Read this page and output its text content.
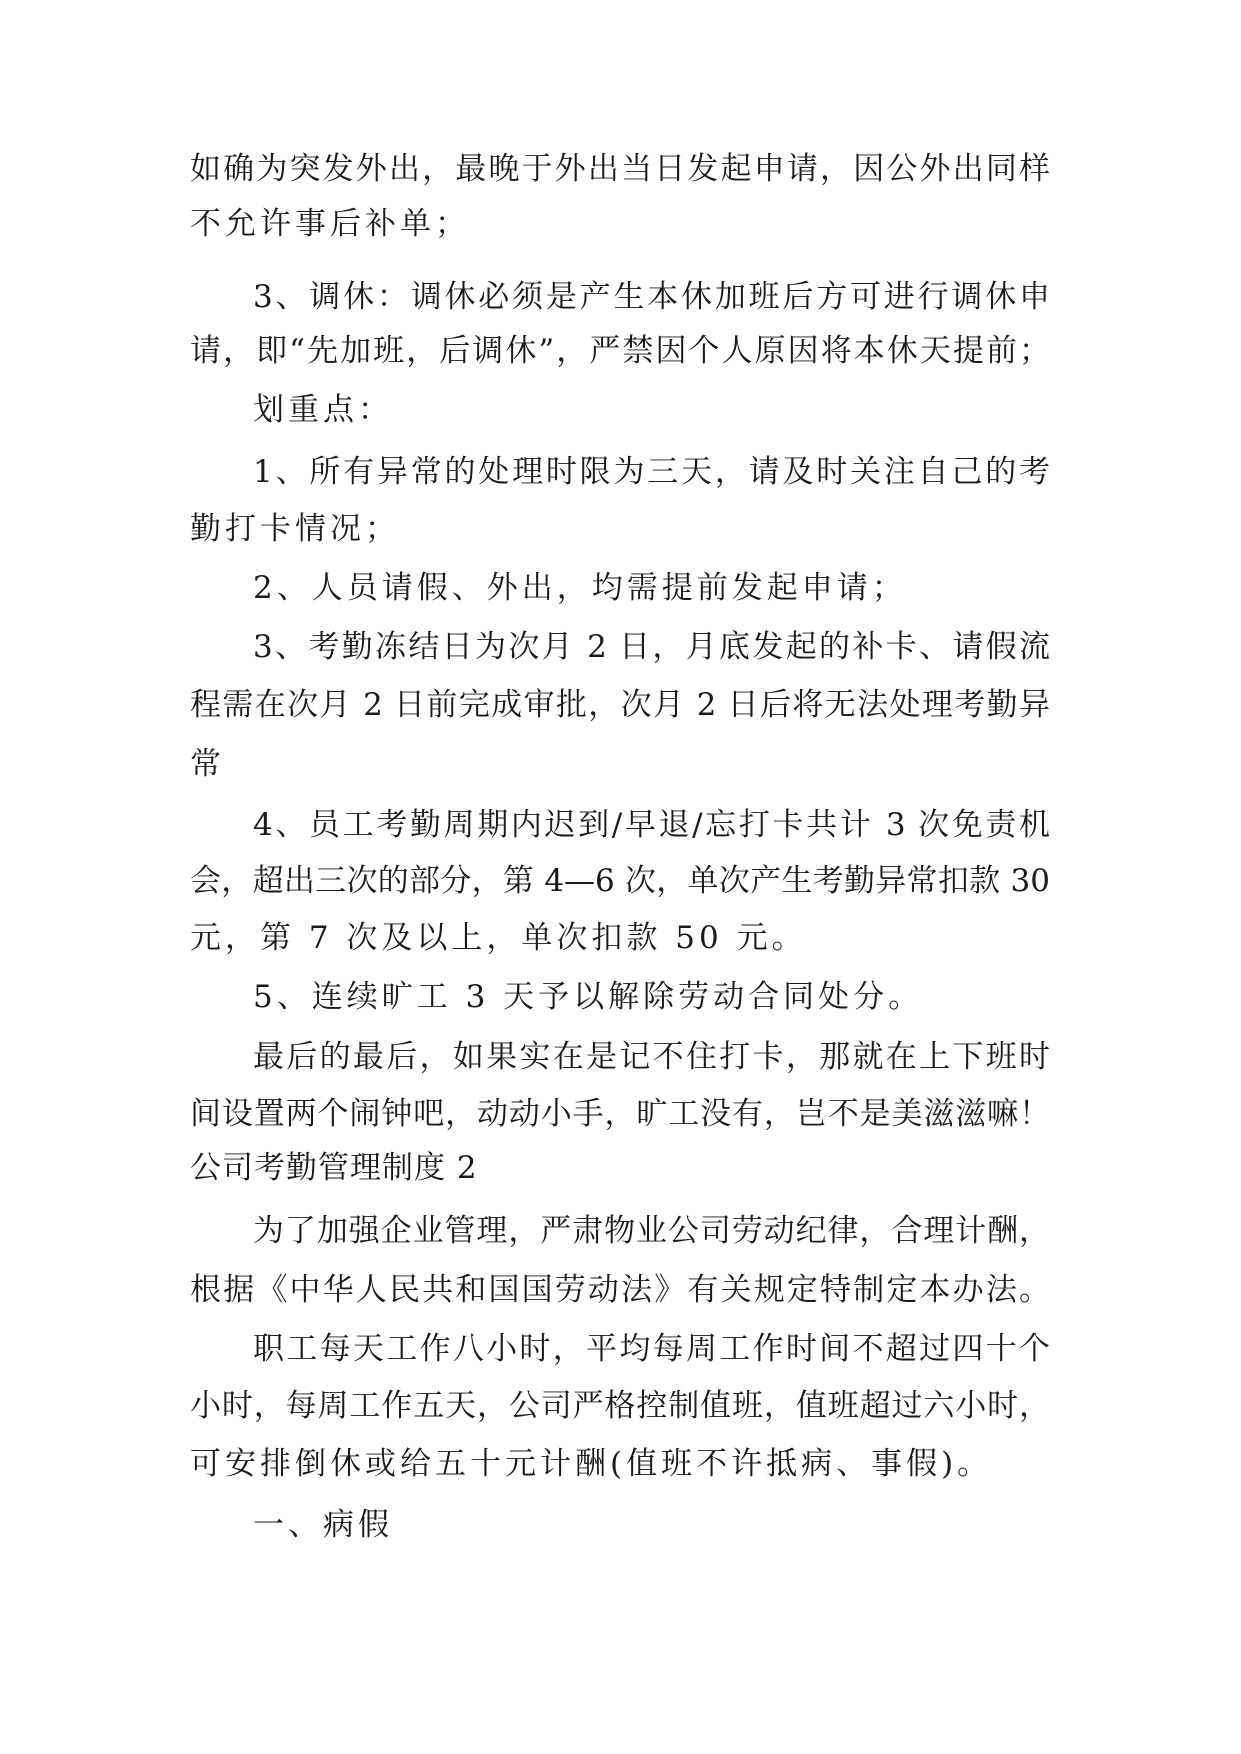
如确为突发外出，最晚于外出当日发起申请，因公外出同样
不允许事后补单；
3、调休：调休必须是产生本休加班后方可进行调休申
请，即“先加班，后调休”，严禁因个人原因将本休天提前；
划重点：
1、所有异常的处理时限为三天，请及时关注自己的考
勤打卡情况；
2、人员请假、外出，均需提前发起申请；
3、考勤冻结日为次月 2 日，月底发起的补卡、请假流
程需在次月 2 日前完成审批，次月 2 日后将无法处理考勤异
常
4、员工考勤周期内迟到/早退/忘打卡共计 3 次免责机
会，超出三次的部分，第 4—6 次，单次产生考勤异常扣款 30
元，第 7 次及以上，单次扣款 50 元。
5、连续旷工 3 天予以解除劳动合同处分。
最后的最后，如果实在是记不住打卡，那就在上下班时
间设置两个闹钟吧，动动小手，旷工没有，岂不是美滋滋嘛！
公司考勤管理制度 2
为了加强企业管理，严肃物业公司劳动纪律，合理计酬，
根据《中华人民共和国国劳动法》有关规定特制定本办法。
职工每天工作八小时，平均每周工作时间不超过四十个
小时，每周工作五天，公司严格控制值班，值班超过六小时，
可安排倒休或给五十元计酬(值班不许抵病、事假)。
一、病假
